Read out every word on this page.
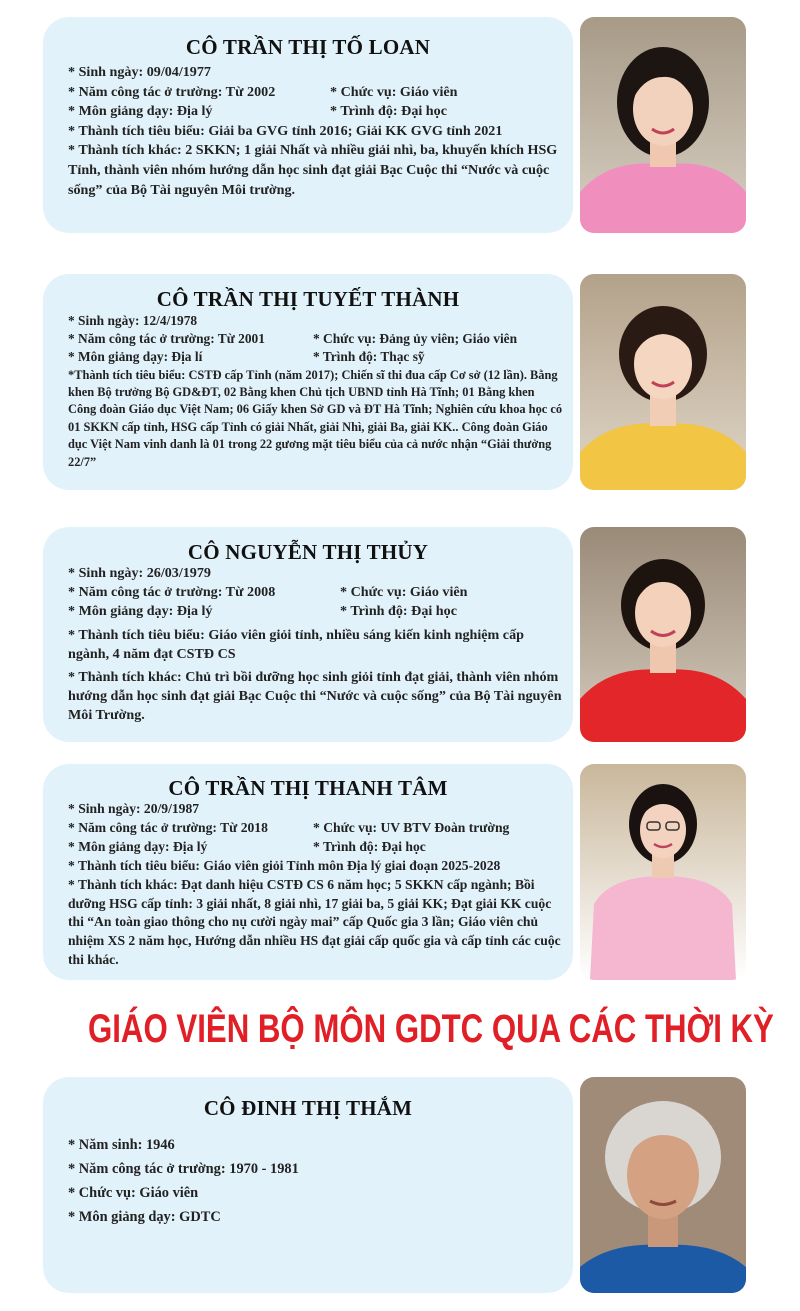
CÔ TRẦN THỊ TỐ LOAN
* Sinh ngày: 09/04/1977
* Năm công tác ở trường: Từ 2002	* Chức vụ: Giáo viên
* Môn giảng dạy: Địa lý	* Trình độ: Đại học
* Thành tích tiêu biểu: Giải ba GVG tỉnh 2016; Giải KK GVG tỉnh 2021
* Thành tích khác: 2 SKKN; 1 giải Nhất và nhiều giải nhì, ba, khuyến khích HSG Tỉnh, thành viên nhóm hướng dẫn học sinh đạt giải Bạc Cuộc thi “Nước và cuộc sống” của Bộ Tài nguyên Môi trường.
CÔ TRẦN THỊ TUYẾT THÀNH
* Sinh ngày: 12/4/1978
* Năm công tác ở trường: Từ 2001	* Chức vụ: Đảng ủy viên; Giáo viên
* Môn giảng dạy: Địa lí	* Trình độ: Thạc sỹ
*Thành tích tiêu biểu: CSTĐ cấp Tỉnh (năm 2017); Chiến sĩ thi đua cấp Cơ sở (12 lần). Bằng khen Bộ trưởng Bộ GD&ĐT, 02 Bằng khen Chủ tịch UBND tỉnh Hà Tĩnh; 01 Bằng khen Công đoàn Giáo dục Việt Nam; 06 Giấy khen Sở GD và ĐT Hà Tĩnh; Nghiên cứu khoa học có 01 SKKN cấp tỉnh, HSG cấp Tỉnh có giải Nhất, giải Nhì, giải Ba, giải KK.. Công đoàn Giáo dục Việt Nam vinh danh là 01 trong 22 gương mặt tiêu biểu của cả nước nhận “Giải thưởng 22/7”
CÔ NGUYỄN THỊ THỦY
* Sinh ngày: 26/03/1979
* Năm công tác ở trường: Từ 2008	* Chức vụ: Giáo viên
* Môn giảng dạy: Địa lý	* Trình độ: Đại học
* Thành tích tiêu biểu: Giáo viên giỏi tỉnh, nhiều sáng kiến kinh nghiệm cấp ngành, 4 năm đạt CSTĐ CS
* Thành tích khác: Chủ trì bồi dưỡng học sinh giỏi tỉnh đạt giải, thành viên nhóm hướng dẫn học sinh đạt giải Bạc Cuộc thi “Nước và cuộc sống” của Bộ Tài nguyên Môi Trường.
CÔ TRẦN THỊ THANH TÂM
* Sinh ngày: 20/9/1987
* Năm công tác ở trường: Từ 2018	* Chức vụ: UV BTV Đoàn trường
* Môn giảng dạy: Địa lý	* Trình độ: Đại học
* Thành tích tiêu biểu: Giáo viên giỏi Tỉnh môn Địa lý giai đoạn 2025-2028
* Thành tích khác: Đạt danh hiệu CSTĐ CS 6 năm học; 5 SKKN cấp ngành; Bồi dưỡng HSG cấp tỉnh: 3 giải nhất, 8 giải nhì, 17 giải ba, 5 giải KK; Đạt giải KK cuộc thi “An toàn giao thông cho nụ cười ngày mai” cấp Quốc gia 3 lần; Giáo viên chủ nhiệm XS 2 năm học, Hướng dẫn nhiều HS đạt giải cấp quốc gia và cấp tỉnh các cuộc thi khác.
GIÁO VIÊN BỘ MÔN GDTC QUA CÁC THỜI KỲ
CÔ ĐINH THỊ THẮM
* Năm sinh: 1946
* Năm công tác ở trường: 1970 - 1981
* Chức vụ: Giáo viên
* Môn giảng dạy: GDTC
